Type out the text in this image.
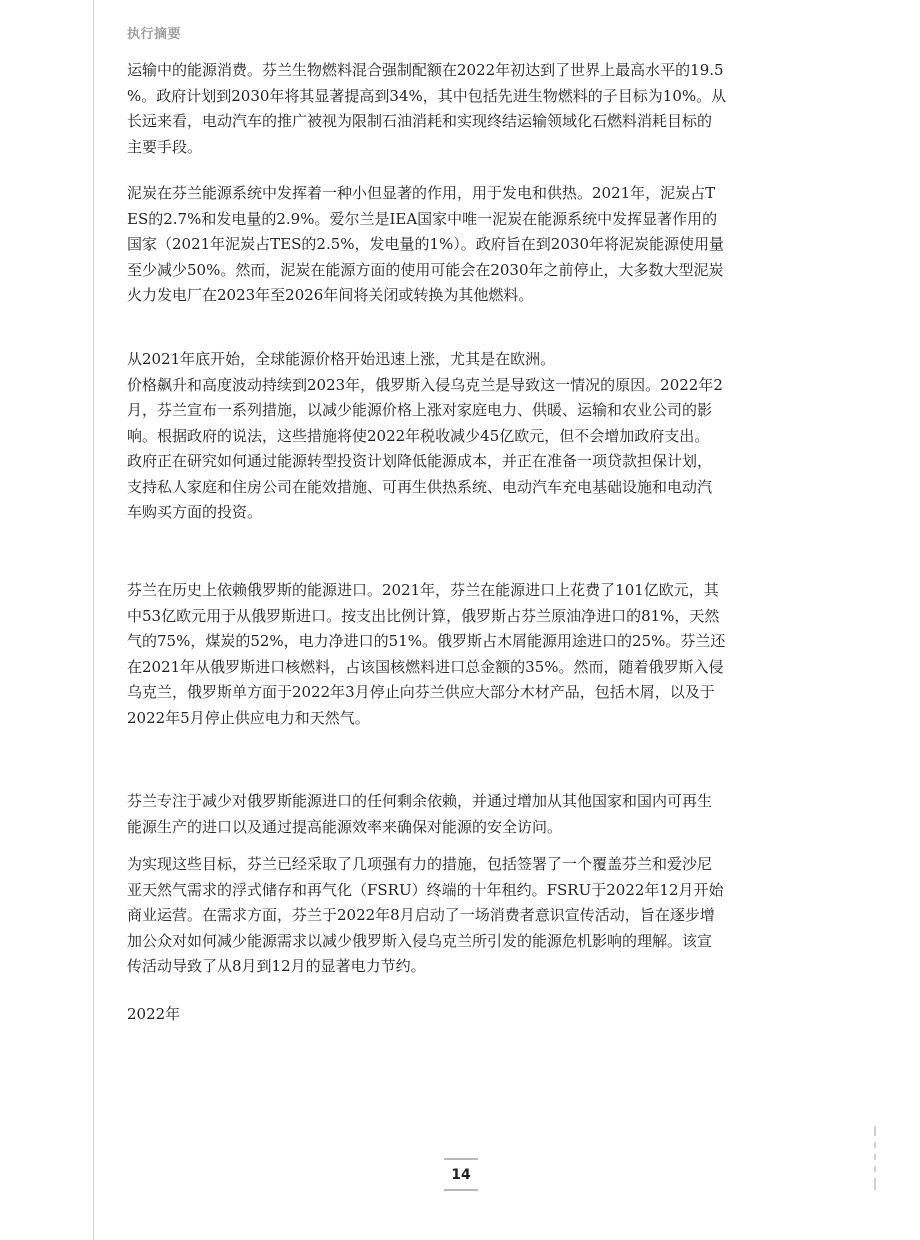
执行摘要
运输中的能源消费。芬兰生物燃料混合强制配额在2022年初达到了世界上最高水平的19.5
%。政府计划到2030年将其显著提高到34%，其中包括先进生物燃料的子目标为10%。从
长远来看，电动汽车的推广被视为限制石油消耗和实现终结运输领域化石燃料消耗目标的
主要手段。
泥炭在芬兰能源系统中发挥着一种小但显著的作用，用于发电和供热。2021年，泥炭占T
ES的2.7%和发电量的2.9%。爱尔兰是IEA国家中唯一泥炭在能源系统中发挥显著作用的
国家（2021年泥炭占TES的2.5%，发电量的1%）。政府旨在到2030年将泥炭能源使用量
至少减少50%。然而，泥炭在能源方面的使用可能会在2030年之前停止，大多数大型泥炭
火力发电厂在2023年至2026年间将关闭或转换为其他燃料。
从2021年底开始，全球能源价格开始迅速上涨，尤其是在欧洲。
价格飙升和高度波动持续到2023年，俄罗斯入侵乌克兰是导致这一情况的原因。2022年2
月，芬兰宣布一系列措施，以减少能源价格上涨对家庭电力、供暖、运输和农业公司的影
响。根据政府的说法，这些措施将使2022年税收减少45亿欧元，但不会增加政府支出。
政府正在研究如何通过能源转型投资计划降低能源成本，并正在准备一项贷款担保计划，
支持私人家庭和住房公司在能效措施、可再生供热系统、电动汽车充电基础设施和电动汽
车购买方面的投资。
芬兰在历史上依赖俄罗斯的能源进口。2021年，芬兰在能源进口上花费了101亿欧元，其
中53亿欧元用于从俄罗斯进口。按支出比例计算，俄罗斯占芬兰原油净进口的81%，天然
气的75%，煤炭的52%，电力净进口的51%。俄罗斯占木屑能源用途进口的25%。芬兰还
在2021年从俄罗斯进口核燃料，占该国核燃料进口总金额的35%。然而，随着俄罗斯入侵
乌克兰，俄罗斯单方面于2022年3月停止向芬兰供应大部分木材产品，包括木屑，以及于
2022年5月停止供应电力和天然气。
芬兰专注于减少对俄罗斯能源进口的任何剩余依赖，并通过增加从其他国家和国内可再生
能源生产的进口以及通过提高能源效率来确保对能源的安全访问。
为实现这些目标，芬兰已经采取了几项强有力的措施，包括签署了一个覆盖芬兰和爱沙尼
亚天然气需求的浮式储存和再气化（FSRU）终端的十年租约。FSRU于2022年12月开始
商业运营。在需求方面，芬兰于2022年8月启动了一场消费者意识宣传活动，旨在逐步增
加公众对如何减少能源需求以减少俄罗斯入侵乌克兰所引发的能源危机影响的理解。该宣
传活动导致了从8月到12月的显著电力节约。
2022年
14
